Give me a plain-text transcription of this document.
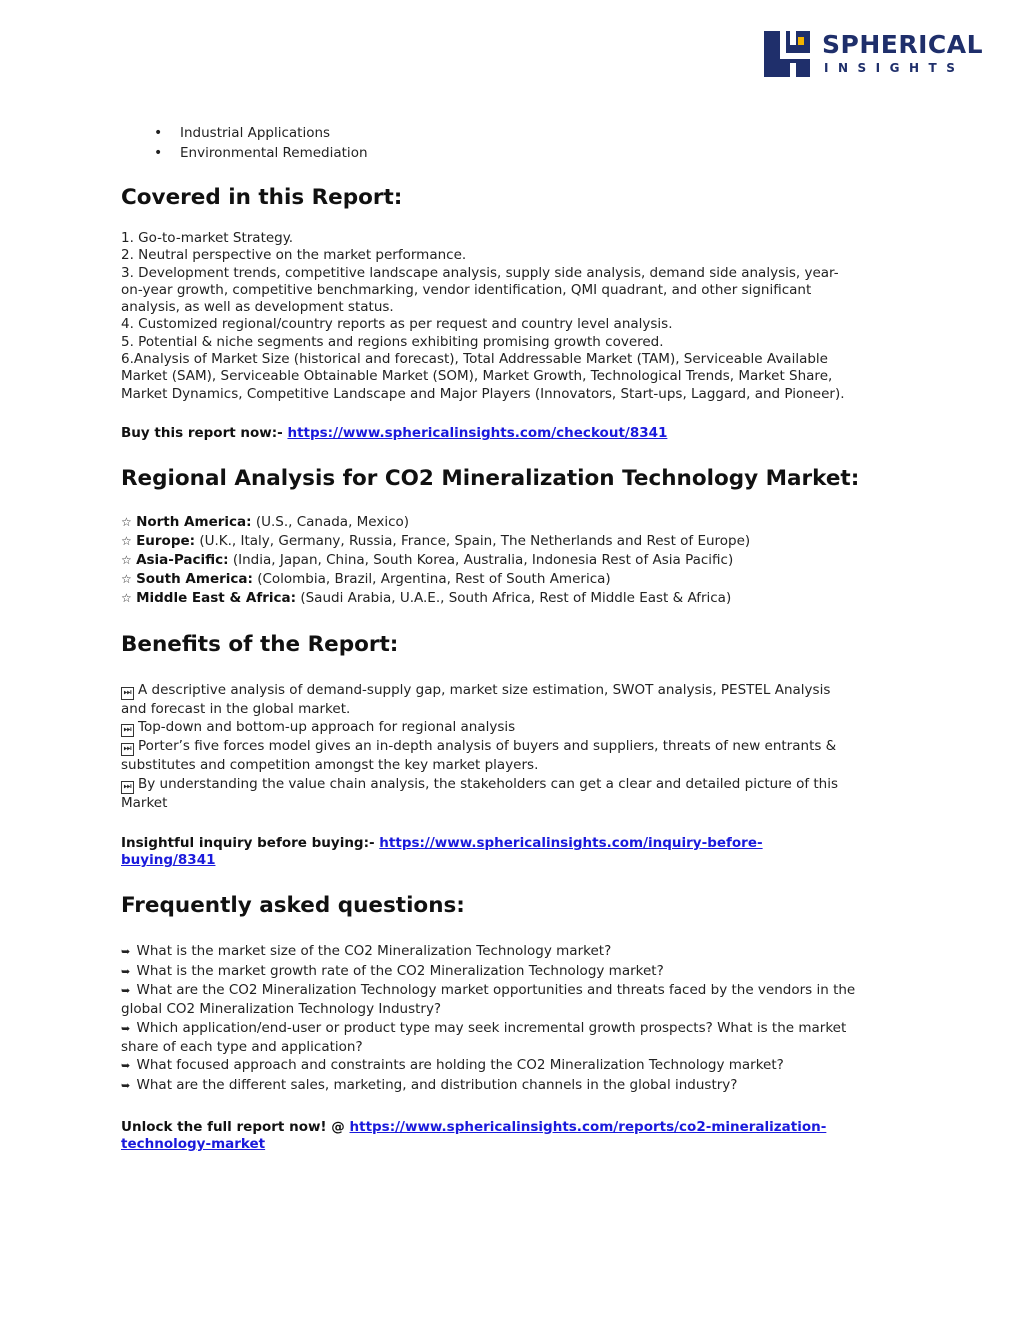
SPHERICAL
INSIGHTS
• Industrial Applications
• Environmental Remediation
Covered in this Report:
1. Go-to-market Strategy.
2. Neutral perspective on the market performance.
3. Development trends, competitive landscape analysis, supply side analysis, demand side analysis, year-
on-year growth, competitive benchmarking, vendor identification, QMI quadrant, and other significant
analysis, as well as development status.
4. Customized regional/country reports as per request and country level analysis.
5. Potential & niche segments and regions exhibiting promising growth covered.
6.Analysis of Market Size (historical and forecast), Total Addressable Market (TAM), Serviceable Available
Market (SAM), Serviceable Obtainable Market (SOM), Market Growth, Technological Trends, Market Share,
Market Dynamics, Competitive Landscape and Major Players (Innovators, Start-ups, Laggard, and Pioneer).

Buy this report now:- https://www.sphericalinsights.com/checkout/8341

Regional Analysis for CO2 Mineralization Technology Market:

☆ North America: (U.S., Canada, Mexico)

☆ Europe: (U.K., Italy, Germany, Russia, France, Spain, The Netherlands and Rest of Europe)

☆ Asia-Pacific: (India, Japan, China, South Korea, Australia, Indonesia Rest of Asia Pacific)

☆ South America: (Colombia, Brazil, Argentina, Rest of South America)

☆ Middle East & Africa: (Saudi Arabia, U.A.E., South Africa, Rest of Middle East & Africa)

Benefits of the Report:
⏭ A descriptive analysis of demand-supply gap, market size estimation, SWOT analysis, PESTEL Analysis
and forecast in the global market.
⏭ Top-down and bottom-up approach for regional analysis
⏭ Porter’s five forces model gives an in-depth analysis of buyers and suppliers, threats of new entrants &
substitutes and competition amongst the key market players.
⏭ By understanding the value chain analysis, the stakeholders can get a clear and detailed picture of this
Market
Insightful inquiry before buying:- https://www.sphericalinsights.com/inquiry-before-
buying/8341
Frequently asked questions:
➥ What is the market size of the CO2 Mineralization Technology market?
➥ What is the market growth rate of the CO2 Mineralization Technology market?
➥ What are the CO2 Mineralization Technology market opportunities and threats faced by the vendors in the
global CO2 Mineralization Technology Industry?
➥ Which application/end-user or product type may seek incremental growth prospects? What is the market
share of each type and application?
➥ What focused approach and constraints are holding the CO2 Mineralization Technology market?
➥ What are the different sales, marketing, and distribution channels in the global industry?
Unlock the full report now! @ https://www.sphericalinsights.com/reports/co2-mineralization-
technology-market
